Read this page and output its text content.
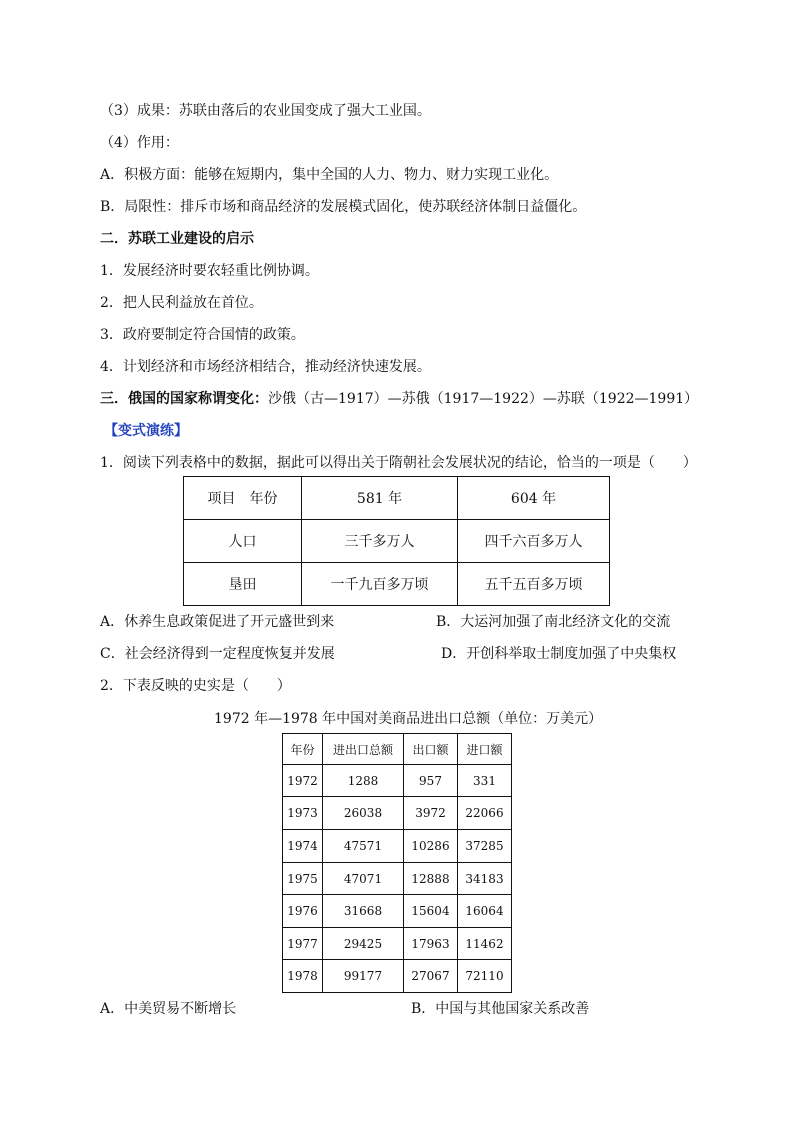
（3）成果：苏联由落后的农业国变成了强大工业国。
（4）作用：
A．积极方面：能够在短期内，集中全国的人力、物力、财力实现工业化。
B．局限性：排斥市场和商品经济的发展模式固化，使苏联经济体制日益僵化。
二．苏联工业建设的启示
1．发展经济时要农轻重比例协调。
2．把人民利益放在首位。
3．政府要制定符合国情的政策。
4．计划经济和市场经济相结合，推动经济快速发展。
三．俄国的国家称谓变化：沙俄（古—1917）—苏俄（1917—1922）—苏联（1922—1991）
【变式演练】
1．阅读下列表格中的数据，据此可以得出关于隋朝社会发展状况的结论，恰当的一项是（　　）
项目　年份	581 年	604 年
人口	三千多万人	四千六百多万人
垦田	一千九百多万顷	五千五百多万顷
A．休养生息政策促进了开元盛世到来	B．大运河加强了南北经济文化的交流
C．社会经济得到一定程度恢复并发展	D．开创科举取士制度加强了中央集权
2．下表反映的史实是（　　）
1972 年—1978 年中国对美商品进出口总额（单位：万美元）
年份	进出口总额	出口额	进口额
1972	1288	957	331
1973	26038	3972	22066
1974	47571	10286	37285
1975	47071	12888	34183
1976	31668	15604	16064
1977	29425	17963	11462
1978	99177	27067	72110
A．中美贸易不断增长	B．中国与其他国家关系改善
